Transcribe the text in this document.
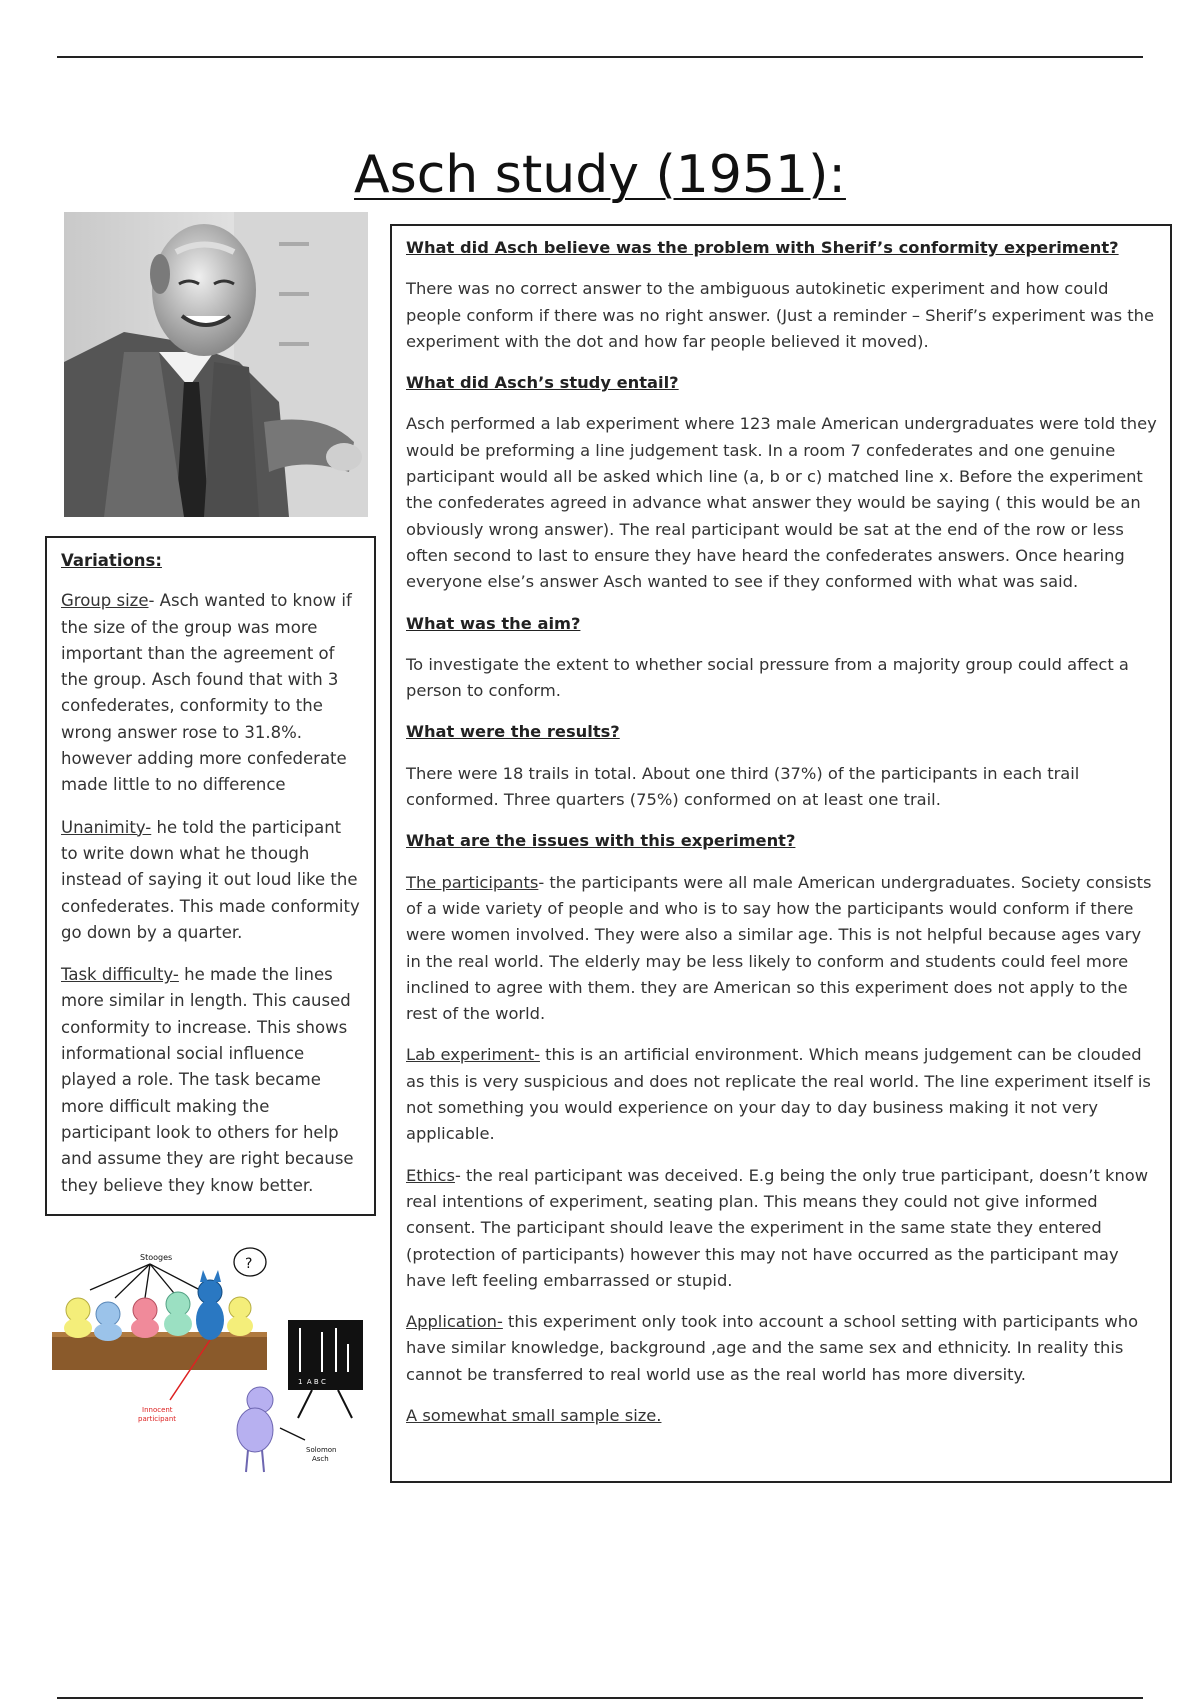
Asch study (1951):
Variations:

Group size- Asch wanted to know if the size of the group was more important than the agreement of the group. Asch found that with 3 confederates, conformity to the wrong answer rose to 31.8%. however adding more confederate made little to no difference

Unanimity- he told the participant to write down what he though instead of saying it out loud like the confederates. This made conformity go down by a quarter.

Task difficulty- he made the lines more similar in length. This caused conformity to increase. This shows informational social influence played a role. The task became more difficult making the participant look to others for help and assume they are right because they believe they know better.

Stooges	?
Innocent
participant
1  A B C
Solomon
Asch
What did Asch believe was the problem with Sherif’s conformity experiment?

There was no correct answer to the ambiguous autokinetic experiment and how could people conform if there was no right answer. (Just a reminder – Sherif’s experiment was the experiment with the dot and how far people believed it moved).

What did Asch’s study entail?

Asch performed a lab experiment where 123 male American undergraduates were told they would be preforming a line judgement task. In a room 7 confederates and one genuine participant would all be asked which line (a, b or c) matched line x. Before the experiment the confederates agreed in advance what answer they would be saying ( this would be an obviously wrong answer). The real participant would be sat at the end of the row or less often second to last to ensure they have heard the confederates answers. Once hearing everyone else’s answer Asch wanted to see if they conformed with what was said.

What was the aim?

To investigate the extent to whether social pressure from a majority group could affect a person to conform.

What were the results?

There were 18 trails in total. About one third (37%) of the participants in each trail conformed. Three quarters (75%) conformed on at least one trail.

What are the issues with this experiment?

The participants- the participants were all male American undergraduates. Society consists of a wide variety of people and who is to say how the participants would conform if there were women involved. They were also a similar age. This is not helpful because ages vary in the real world. The elderly may be less likely to conform and students could feel more inclined to agree with them. they are American so this experiment does not apply to the rest of the world.

Lab experiment- this is an artificial environment. Which means judgement can be clouded as this is very suspicious and does not replicate the real world. The line experiment itself is not something you would experience on your day to day business making it not very applicable.

Ethics- the real participant was deceived. E.g being the only true participant, doesn’t know real intentions of experiment, seating plan. This means they could not give informed consent. The participant should leave the experiment in the same state they entered (protection of participants) however this may not have occurred as the participant may have left feeling embarrassed or stupid.

Application- this experiment only took into account a school setting with participants who have similar knowledge, background ,age and the same sex and ethnicity. In reality this cannot be transferred to real world use as the real world has more diversity.

A somewhat small sample size.
